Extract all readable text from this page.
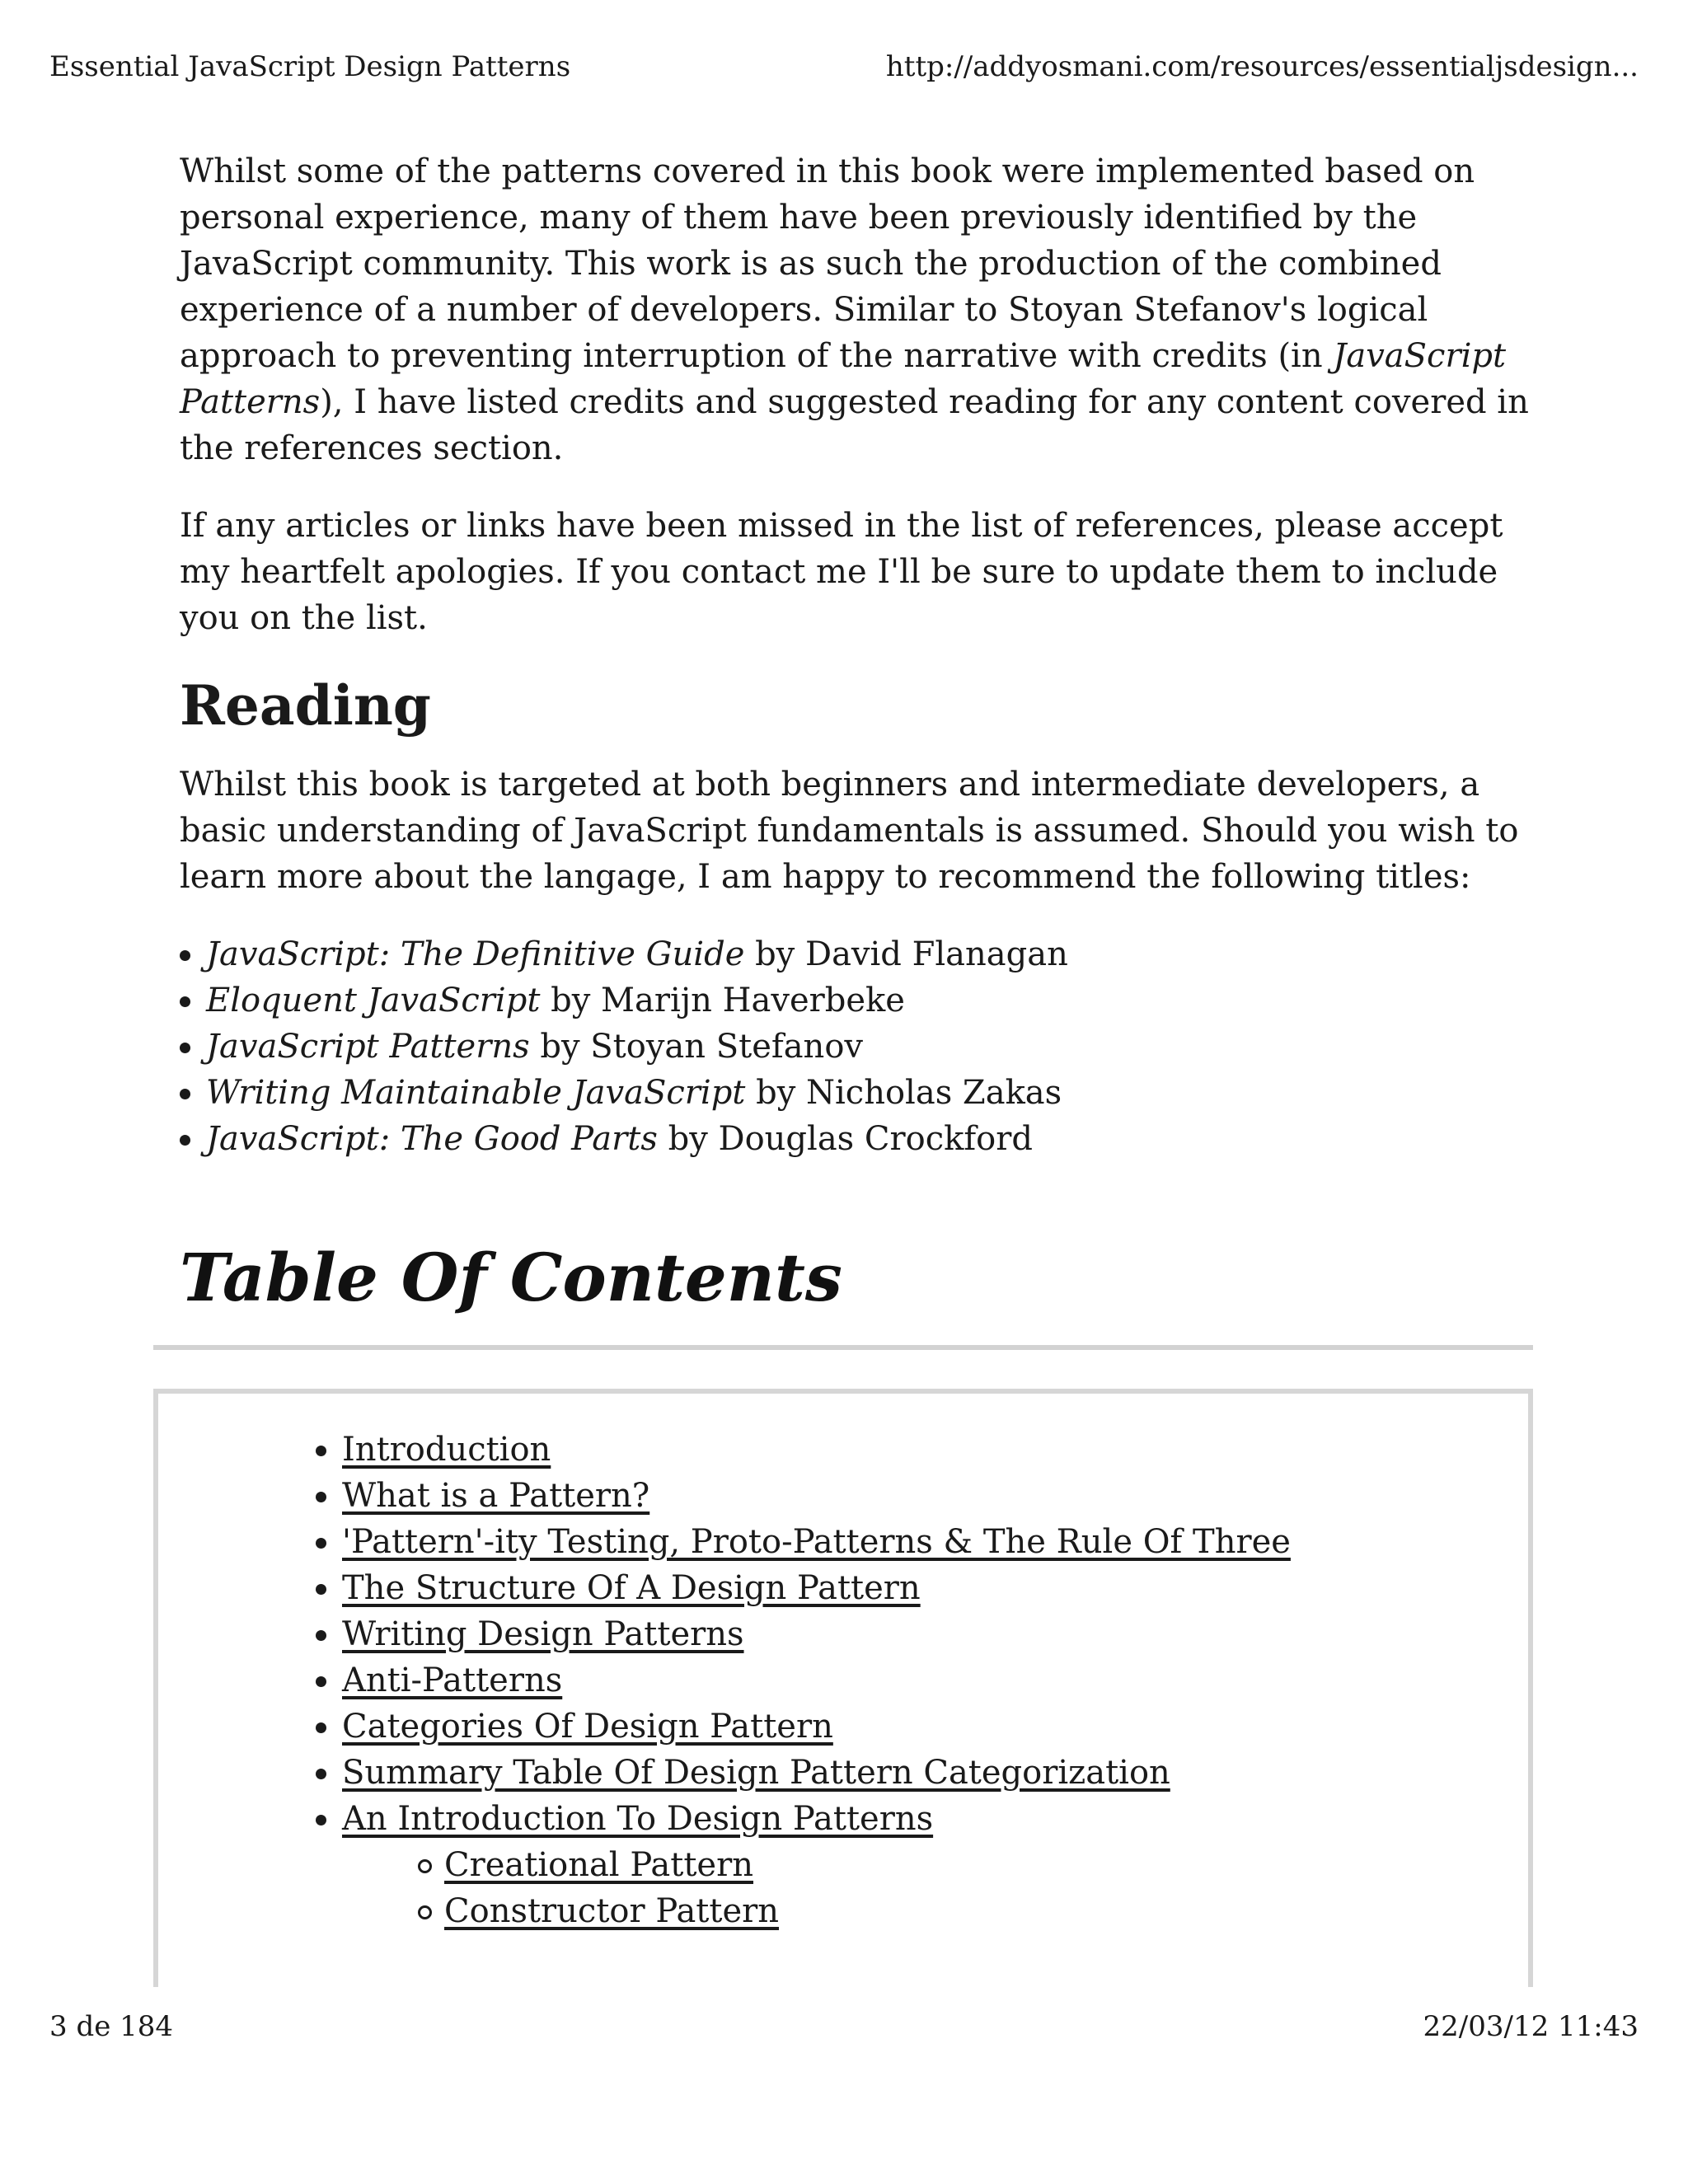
Essential JavaScript Design Patterns	http://addyosmani.com/resources/essentialjsdesign...

Whilst some of the patterns covered in this book were implemented based on personal experience, many of them have been previously identified by the JavaScript community. This work is as such the production of the combined experience of a number of developers. Similar to Stoyan Stefanov's logical approach to preventing interruption of the narrative with credits (in JavaScript Patterns), I have listed credits and suggested reading for any content covered in the references section.

If any articles or links have been missed in the list of references, please accept my heartfelt apologies. If you contact me I'll be sure to update them to include you on the list.

Reading

Whilst this book is targeted at both beginners and intermediate developers, a basic understanding of JavaScript fundamentals is assumed. Should you wish to learn more about the langage, I am happy to recommend the following titles:

JavaScript: The Definitive Guide by David Flanagan
Eloquent JavaScript by Marijn Haverbeke
JavaScript Patterns by Stoyan Stefanov
Writing Maintainable JavaScript by Nicholas Zakas
JavaScript: The Good Parts by Douglas Crockford
Table Of Contents
Introduction
What is a Pattern?
'Pattern'-ity Testing, Proto-Patterns & The Rule Of Three
The Structure Of A Design Pattern
Writing Design Patterns
Anti-Patterns
Categories Of Design Pattern
Summary Table Of Design Pattern Categorization
An Introduction To Design Patterns
Creational Pattern
Constructor Pattern
3 de 184	22/03/12 11:43
